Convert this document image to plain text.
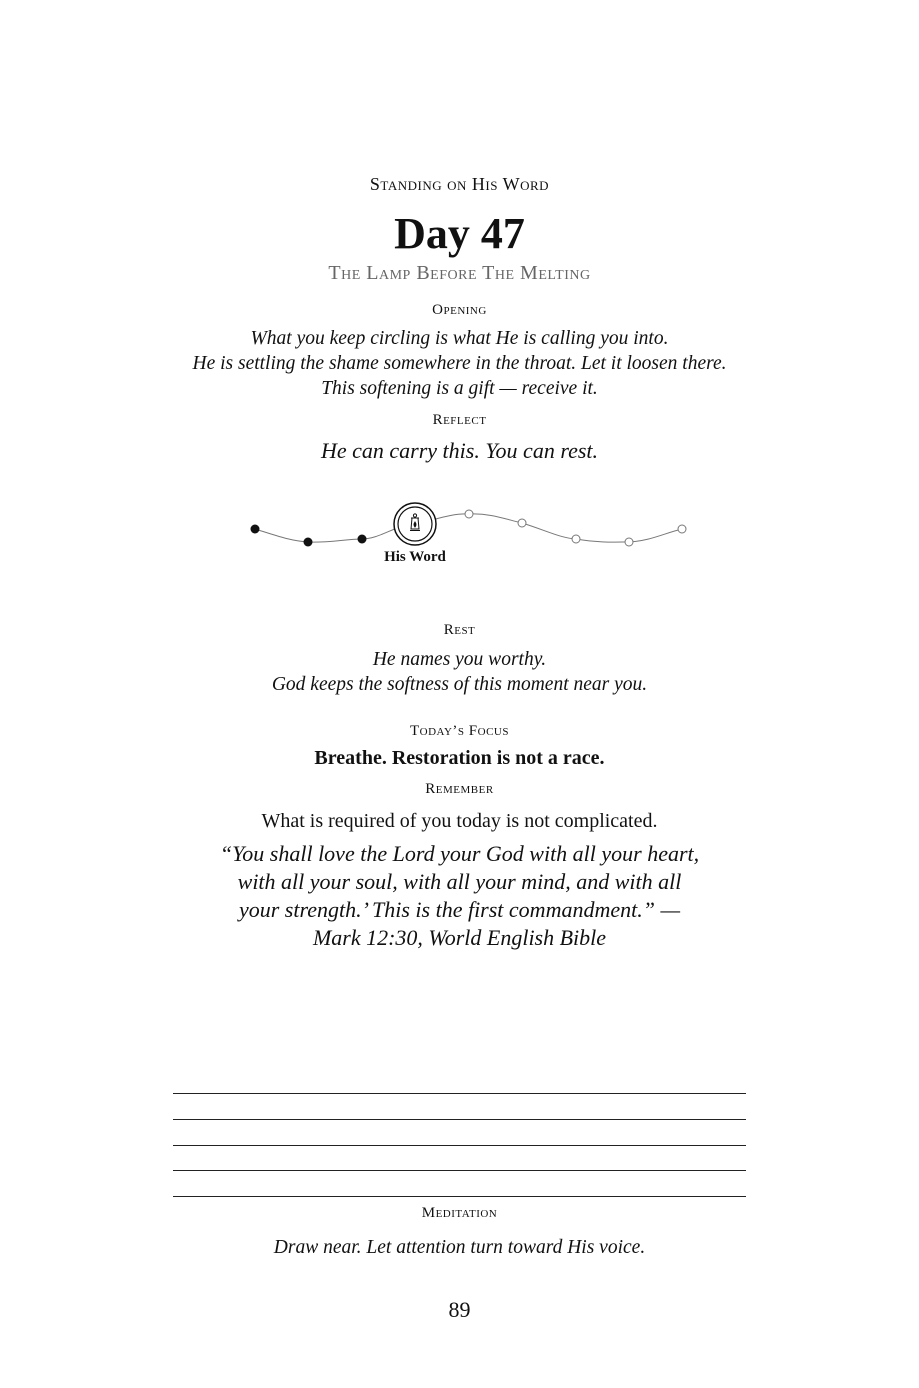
Standing on His Word
Day 47
The Lamp Before The Melting
Opening
What you keep circling is what He is calling you into.
He is settling the shame somewhere in the throat. Let it loosen there.
This softening is a gift — receive it.
Reflect
He can carry this. You can rest.
His Word
Rest
He names you worthy.
God keeps the softness of this moment near you.
Today’s Focus
Breathe. Restoration is not a race.
Remember
What is required of you today is not complicated.
“You shall love the Lord your God with all your heart,
with all your soul, with all your mind, and with all
your strength.’ This is the first commandment.” —
Mark 12:30, World English Bible
Meditation
Draw near. Let attention turn toward His voice.
89
